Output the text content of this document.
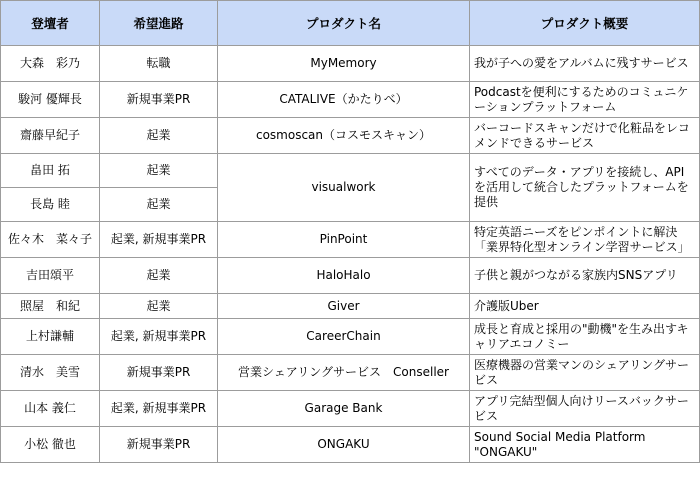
登壇者	希望進路	プロダクト名	プロダクト概要
大森　彩乃	転職	MyMemory	我が子への愛をアルバムに残すサービス
駿河 優輝長	新規事業PR	CATALIVE（かたりべ）	Podcastを便利にするためのコミュニケーションプラットフォーム
齋藤早紀子	起業	cosmoscan（コスモスキャン）	バーコードスキャンだけで化粧品をレコメンドできるサービス
畠田 拓	起業	visualwork	すべてのデータ・アプリを接続し、APIを活用して統合したプラットフォームを提供
長島 睦	起業		
佐々木　菜々子	起業, 新規事業PR	PinPoint	特定英語ニーズをピンポイントに解決「業界特化型オンライン学習サービス」
吉田頌平	起業	HaloHalo	子供と親がつながる家族内SNSアプリ
照屋　和紀	起業	Giver	介護版Uber
上村謙輔	起業, 新規事業PR	CareerChain	成長と育成と採用の"動機"を生み出すキャリアエコノミー
清水　美雪	新規事業PR	営業シェアリングサービス　Conseller	医療機器の営業マンのシェアリングサービス
山本 義仁	起業, 新規事業PR	Garage Bank	アプリ完結型個人向けリースバックサービス
小松 徹也	新規事業PR	ONGAKU	Sound Social Media Platform "ONGAKU"
